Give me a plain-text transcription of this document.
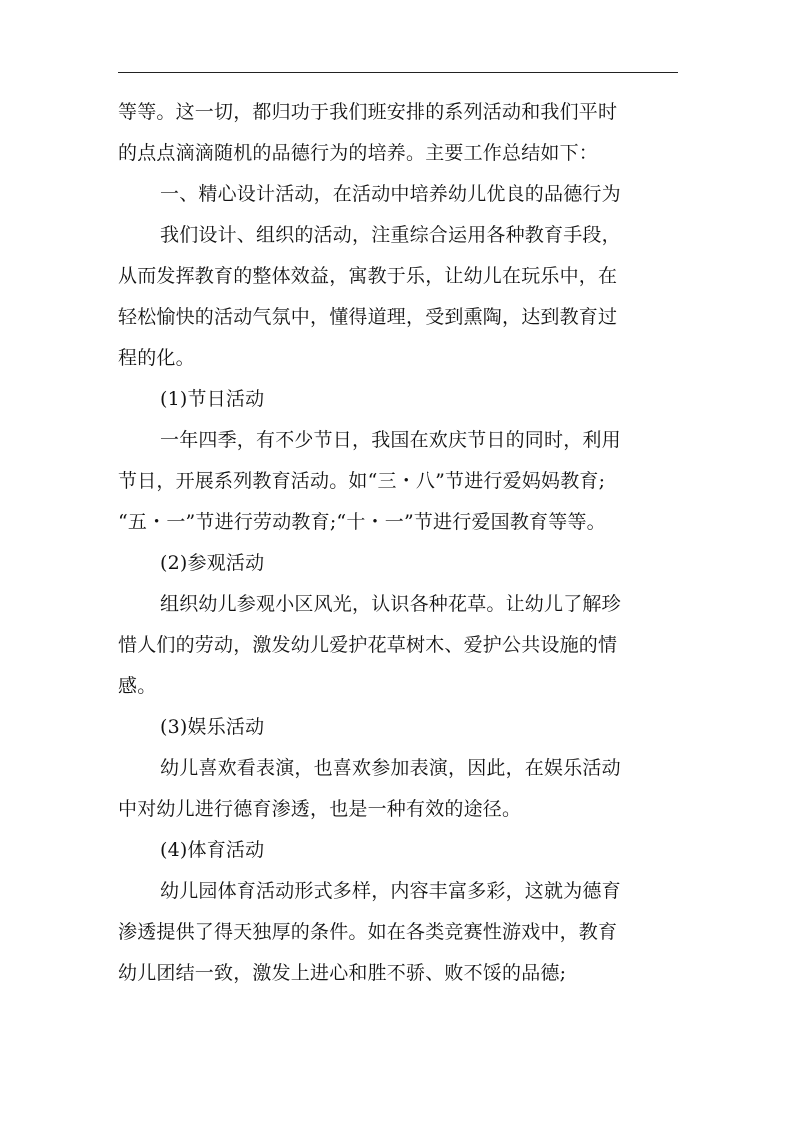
等等。这一切，都归功于我们班安排的系列活动和我们平时
的点点滴滴随机的品德行为的培养。主要工作总结如下：
一、精心设计活动，在活动中培养幼儿优良的品德行为
我们设计、组织的活动，注重综合运用各种教育手段，
从而发挥教育的整体效益，寓教于乐，让幼儿在玩乐中，在
轻松愉快的活动气氛中，懂得道理，受到熏陶，达到教育过
程的化。
(1)节日活动
一年四季，有不少节日，我国在欢庆节日的同时，利用
节日，开展系列教育活动。如“三・八”节进行爱妈妈教育;
“五・一”节进行劳动教育;“十・一”节进行爱国教育等等。
(2)参观活动
组织幼儿参观小区风光，认识各种花草。让幼儿了解珍
惜人们的劳动，激发幼儿爱护花草树木、爱护公共设施的情
感。
(3)娱乐活动
幼儿喜欢看表演，也喜欢参加表演，因此，在娱乐活动
中对幼儿进行德育渗透，也是一种有效的途径。
(4)体育活动
幼儿园体育活动形式多样，内容丰富多彩，这就为德育
渗透提供了得天独厚的条件。如在各类竞赛性游戏中，教育
幼儿团结一致，激发上进心和胜不骄、败不馁的品德;
